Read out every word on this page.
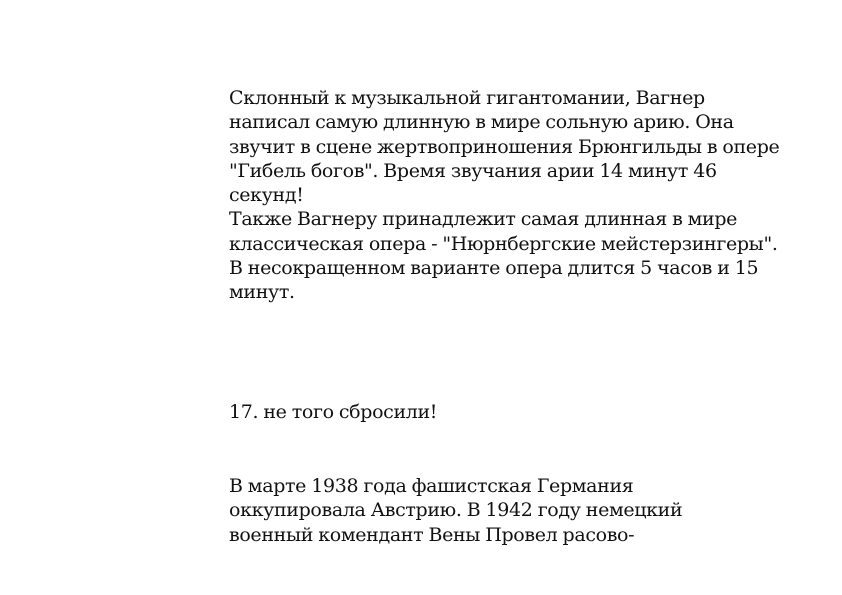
Склонный к музыкальной гигантомании, Вагнер
написал самую длинную в мире сольную арию. Она
звучит в сцене жертвоприношения Брюнгильды в опере
"Гибель богов". Время звучания арии 14 минут 46
секунд!
Также Вагнеру принадлежит самая длинная в мире
классическая опера - "Нюрнбергские мейстерзингеры".
В несокращенном варианте опера длится 5 часов и 15
минут.
17. не того сбросили!
В марте 1938 года фашистская Германия
оккупировала Австрию. В 1942 году немецкий
военный комендант Вены Провел расово-
